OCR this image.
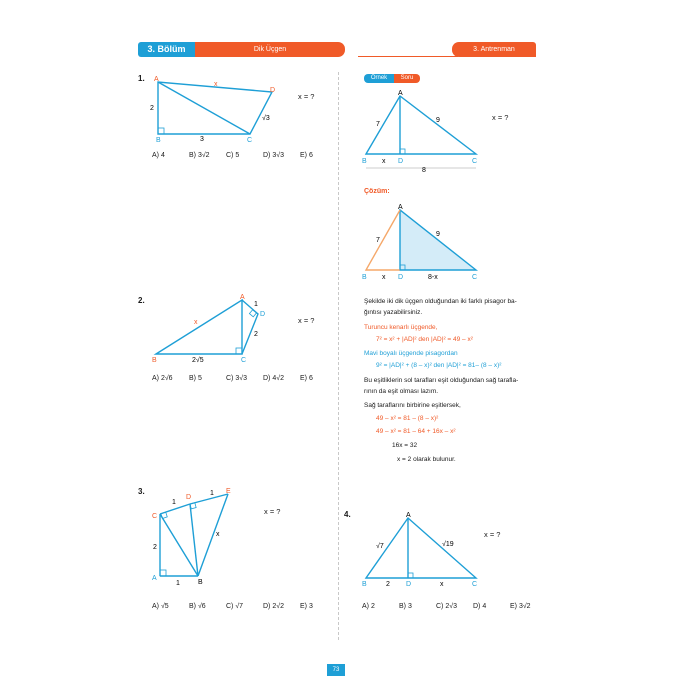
3. Bölüm	Dik Üçgen	3. Antrenman
1. A
B	C
D
2
3
√3
x
x = ?
A) 4	B) 3√2	C) 5	D) 3√3	E) 6
2.	A
B	C
D
1
2
2√5
x	x = ?
A) 2√6	B) 5	C) 3√3	D) 4√2	E) 6
3.
A
B
C
D
E
2
1
1
1
x
x = ?
A) √5	B) √6	C) √7	D) 2√2	E) 3
Örnek	Soru
A
B	D	C
7
9
x
8
x = ?
Çözüm:
A
B	D	C
7
9
x	8-x
Şekilde iki dik üçgen olduğundan iki farklı pisagor ba-
ğıntısı yazabilirsiniz.
Turuncu kenarlı üçgende,
7² = x² + |AD|² den |AD|² = 49 – x²
Mavi boyalı üçgende pisagordan
9² = |AD|² + (8 – x)² den |AD|² = 81– (8 – x)²
Bu eşitliklerin sol tarafları eşit olduğundan sağ tarafla-
rının da eşit olması lazım.
Sağ taraflarını birbirine eşitlersek,
49 – x² = 81 – (8 – x)²
49 – x² = 81 – 64 + 16x – x²
16x = 32
x = 2 olarak bulunur.
4.	A
B	D	C
√7	√19
2	x
x = ?
A) 2	B) 3	C) 2√3	D) 4	E) 3√2
73
